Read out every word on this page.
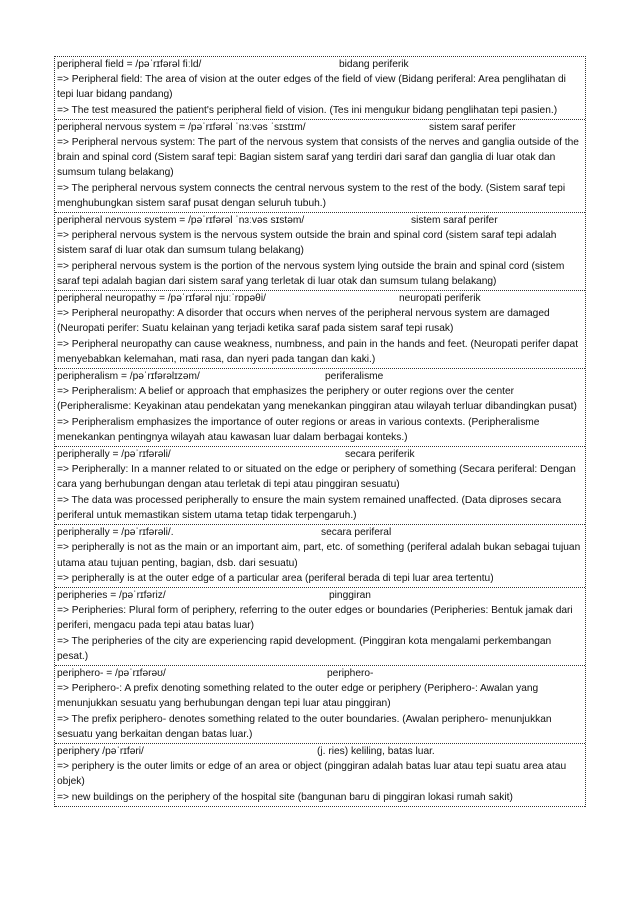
peripheral field = /pəˈrɪfərəl fiːld/	bidang periferik
=> Peripheral field: The area of vision at the outer edges of the field of view (Bidang periferal: Area penglihatan di tepi luar bidang pandang)
=> The test measured the patient's peripheral field of vision. (Tes ini mengukur bidang penglihatan tepi pasien.)
peripheral nervous system = /pəˈrɪfərəl ˈnɜːvəs ˈsɪstɪm/	sistem saraf perifer
=> Peripheral nervous system: The part of the nervous system that consists of the nerves and ganglia outside of the brain and spinal cord (Sistem saraf tepi: Bagian sistem saraf yang terdiri dari saraf dan ganglia di luar otak dan sumsum tulang belakang)
=> The peripheral nervous system connects the central nervous system to the rest of the body. (Sistem saraf tepi menghubungkan sistem saraf pusat dengan seluruh tubuh.)
peripheral nervous system = /pəˈrɪfərəl ˈnɜːvəs sɪstəm/	sistem saraf perifer
=> peripheral nervous system is the nervous system outside the brain and spinal cord (sistem saraf tepi adalah sistem saraf di luar otak dan sumsum tulang belakang)
=> peripheral nervous system is the portion of the nervous system lying outside the brain and spinal cord (sistem saraf tepi adalah bagian dari sistem saraf yang terletak di luar otak dan sumsum tulang belakang)
peripheral neuropathy = /pəˈrɪfərəl njuːˈrɒpəθi/	neuropati periferik
=> Peripheral neuropathy: A disorder that occurs when nerves of the peripheral nervous system are damaged (Neuropati perifer: Suatu kelainan yang terjadi ketika saraf pada sistem saraf tepi rusak)
=> Peripheral neuropathy can cause weakness, numbness, and pain in the hands and feet. (Neuropati perifer dapat menyebabkan kelemahan, mati rasa, dan nyeri pada tangan dan kaki.)
peripheralism = /pəˈrɪfərəlɪzəm/	periferalisme
=> Peripheralism: A belief or approach that emphasizes the periphery or outer regions over the center (Peripheralisme: Keyakinan atau pendekatan yang menekankan pinggiran atau wilayah terluar dibandingkan pusat)
=> Peripheralism emphasizes the importance of outer regions or areas in various contexts. (Peripheralisme menekankan pentingnya wilayah atau kawasan luar dalam berbagai konteks.)
peripherally = /pəˈrɪfərəli/	secara periferik
=> Peripherally: In a manner related to or situated on the edge or periphery of something (Secara periferal: Dengan cara yang berhubungan dengan atau terletak di tepi atau pinggiran sesuatu)
=> The data was processed peripherally to ensure the main system remained unaffected. (Data diproses secara periferal untuk memastikan sistem utama tetap tidak terpengaruh.)
peripherally = /pəˈrɪfərəli/.	secara periferal
=> peripherally is not as the main or an important aim, part, etc. of something (periferal adalah bukan sebagai tujuan utama atau tujuan penting, bagian, dsb. dari sesuatu)
=> peripherally is at the outer edge of a particular area (periferal berada di tepi luar area tertentu)
peripheries = /pəˈrɪfəriz/	pinggiran
=> Peripheries: Plural form of periphery, referring to the outer edges or boundaries (Peripheries: Bentuk jamak dari periferi, mengacu pada tepi atau batas luar)
=> The peripheries of the city are experiencing rapid development. (Pinggiran kota mengalami perkembangan pesat.)
periphero- = /pəˈrɪfərəʊ/	periphero-
=> Periphero-: A prefix denoting something related to the outer edge or periphery (Periphero-: Awalan yang menunjukkan sesuatu yang berhubungan dengan tepi luar atau pinggiran)
=> The prefix periphero- denotes something related to the outer boundaries. (Awalan periphero- menunjukkan sesuatu yang berkaitan dengan batas luar.)
periphery /pəˈrɪfəri/	(j. ries) keliling, batas luar.
=> periphery is the outer limits or edge of an area or object (pinggiran adalah batas luar atau tepi suatu area atau objek)
=> new buildings on the periphery of the hospital site (bangunan baru di pinggiran lokasi rumah sakit)
